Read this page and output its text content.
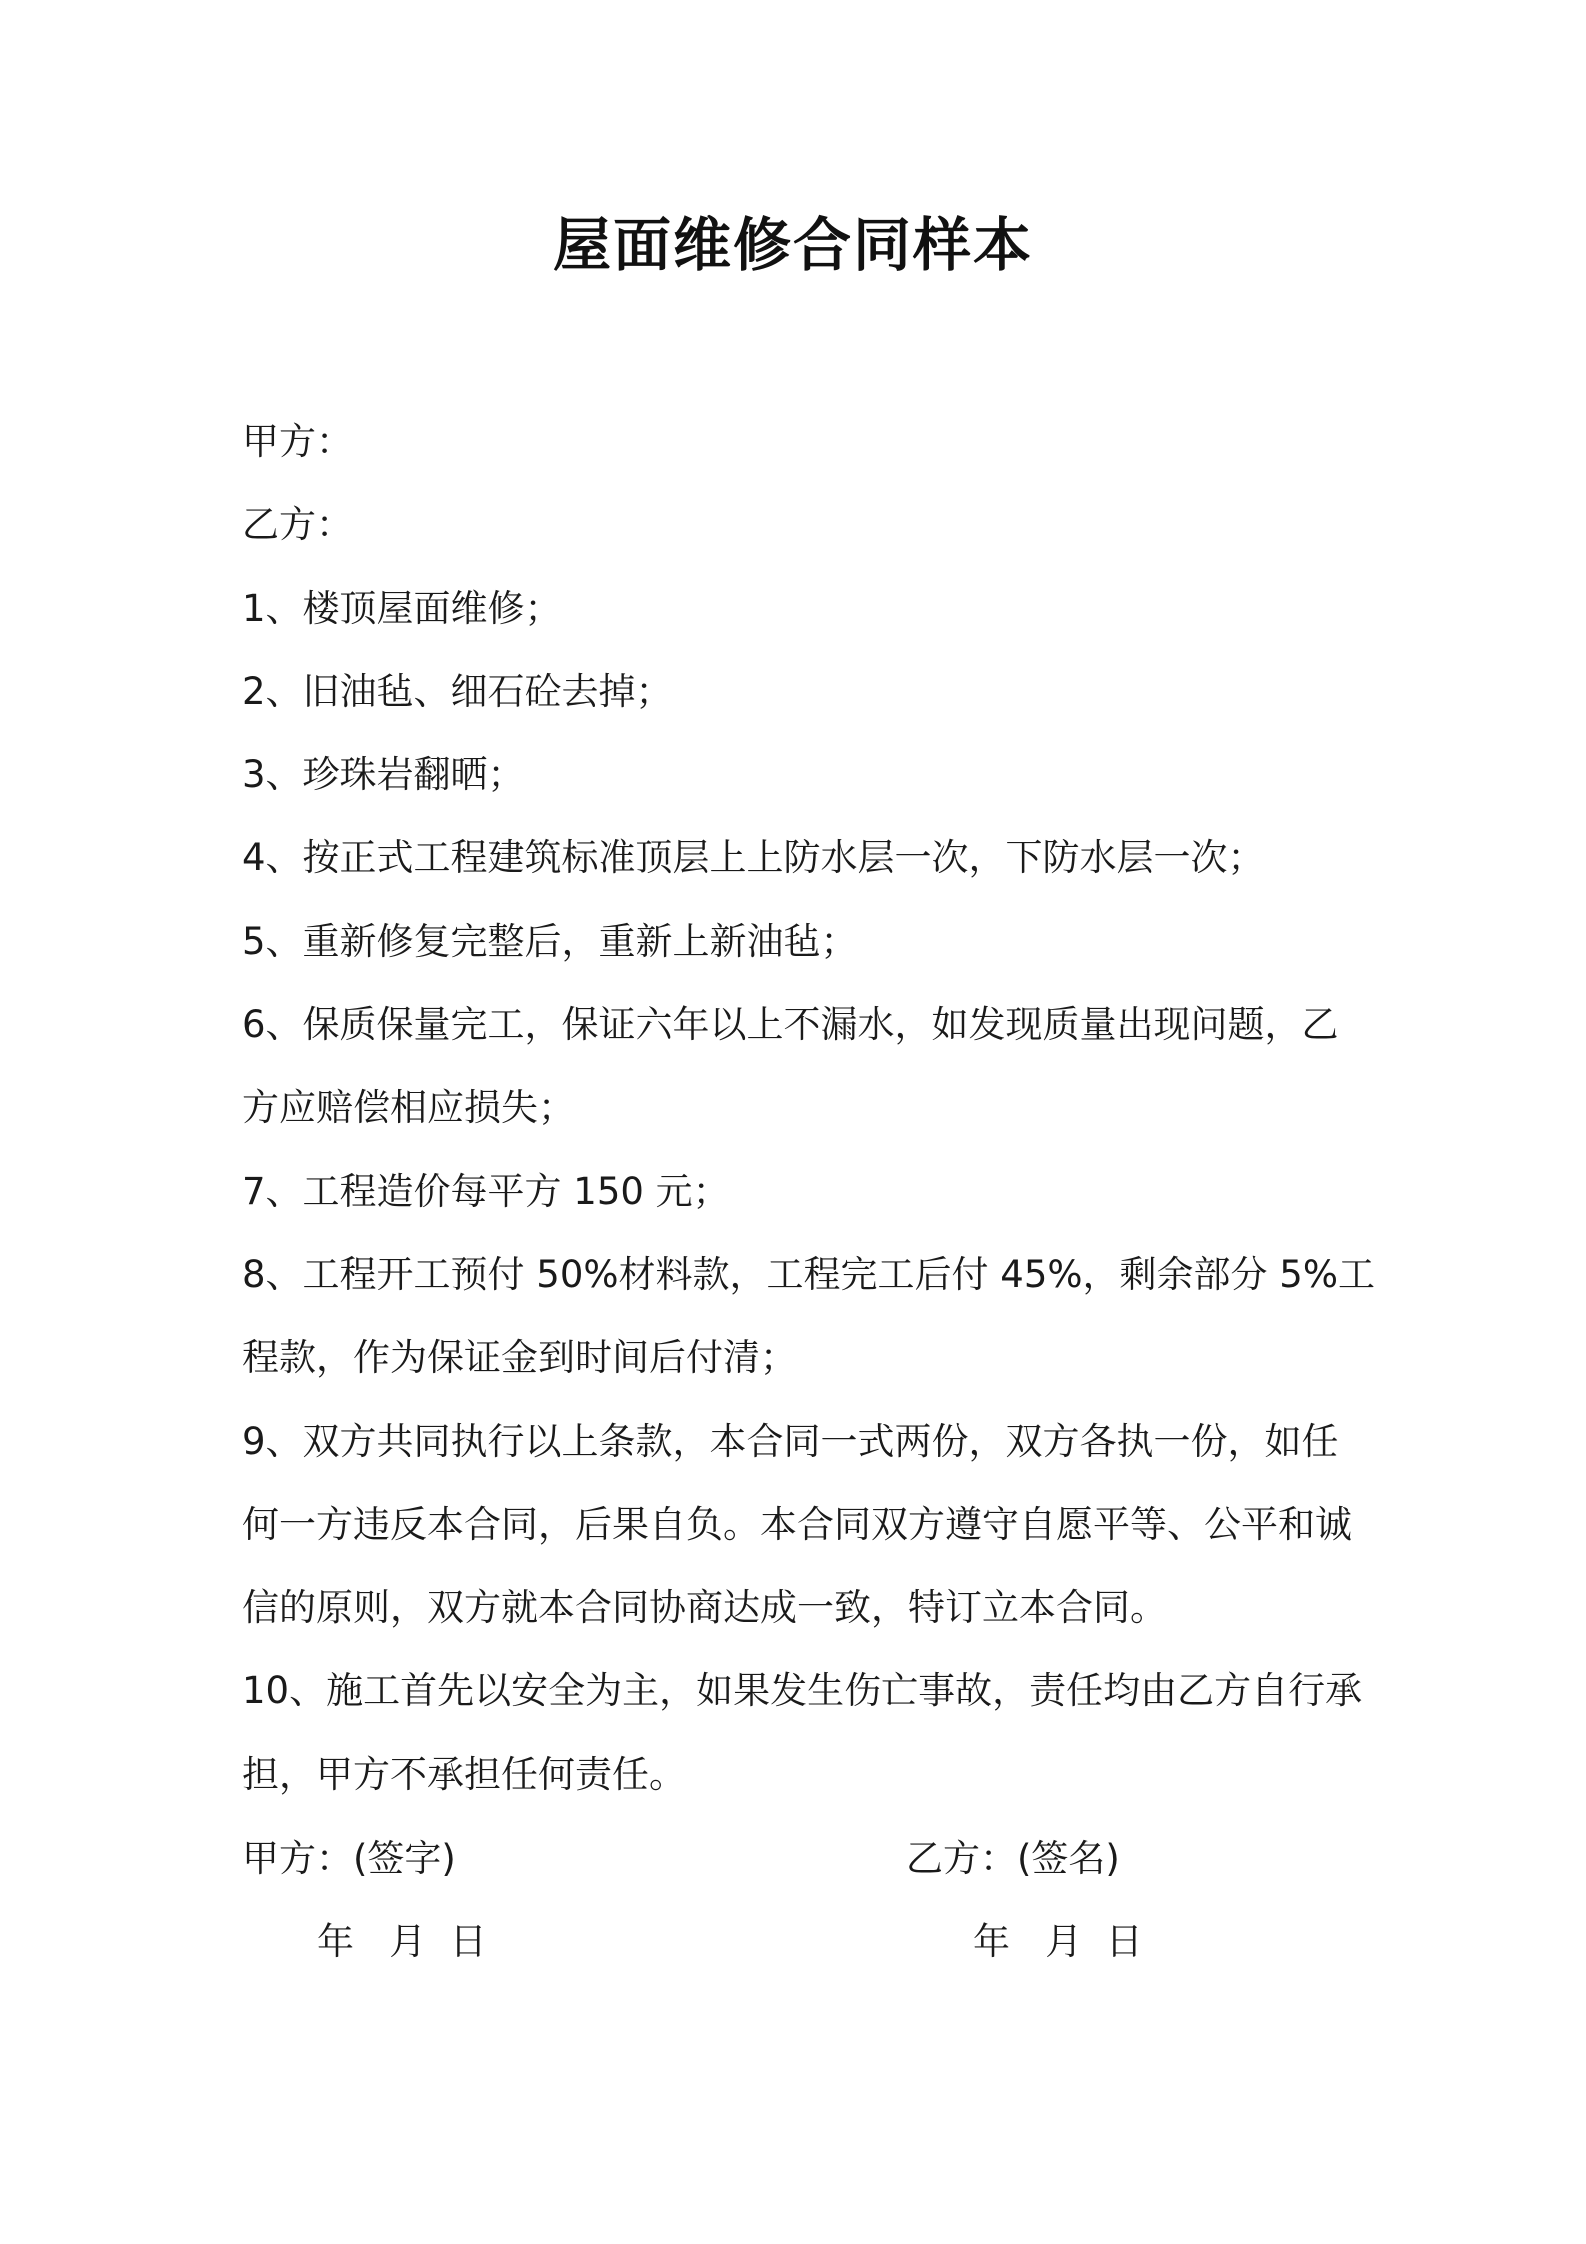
屋面维修合同样本
甲方：
乙方：
1、楼顶屋面维修；
2、旧油毡、细石砼去掉；
3、珍珠岩翻晒；
4、按正式工程建筑标准顶层上上防水层一次，下防水层一次；
5、重新修复完整后，重新上新油毡；
6、保质保量完工，保证六年以上不漏水，如发现质量出现问题，乙
方应赔偿相应损失；
7、工程造价每平方 150 元；
8、工程开工预付 50%材料款，工程完工后付 45%，剩余部分 5%工
程款，作为保证金到时间后付清；
9、双方共同执行以上条款，本合同一式两份，双方各执一份，如任
何一方违反本合同，后果自负。本合同双方遵守自愿平等、公平和诚
信的原则，双方就本合同协商达成一致，特订立本合同。
10、施工首先以安全为主，如果发生伤亡事故，责任均由乙方自行承
担，甲方不承担任何责任。
甲方：(签字)	乙方：(签名)
年   月  日	年   月  日
